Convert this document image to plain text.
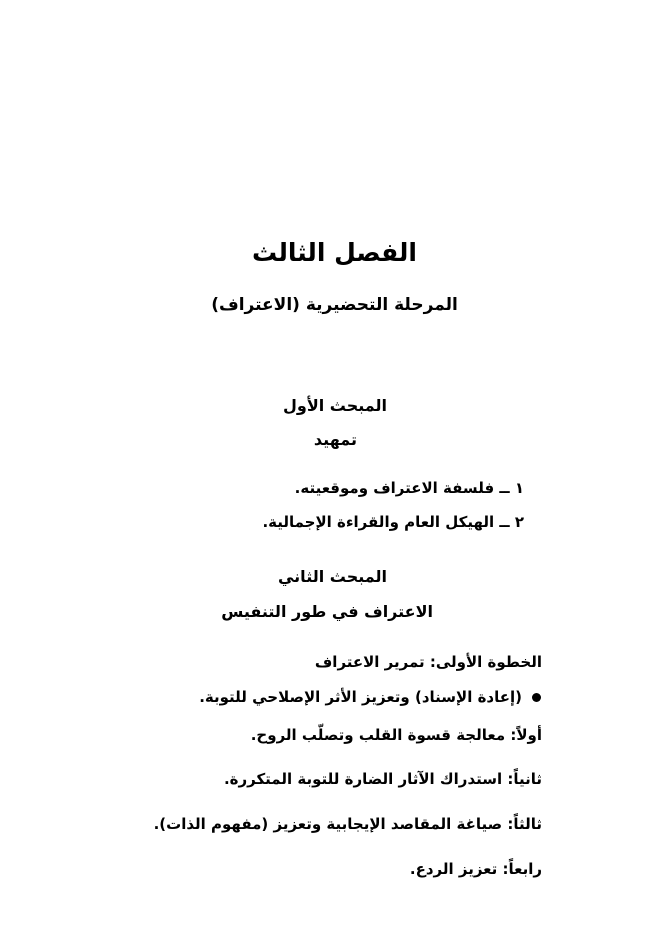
الفصل الثالث
المرحلة التحضيرية (الاعتراف)
المبحث الأول
تمهيد
١ ــ فلسفة الاعتراف وموقعيته.
٢ ــ الهيكل العام والقراءة الإجمالية.
المبحث الثاني
الاعتراف في طور التنفيس
الخطوة الأولى: تمرير الاعتراف
(إعادة الإسناد) وتعزيز الأثر الإصلاحي للتوبة.
أولاً: معالجة قسوة القلب وتصلّب الروح.
ثانياً: استدراك الآثار الضارة للتوبة المتكررة.
ثالثاً: صياغة المقاصد الإيجابية وتعزيز (مفهوم الذات).
رابعاً: تعزيز الردع.
